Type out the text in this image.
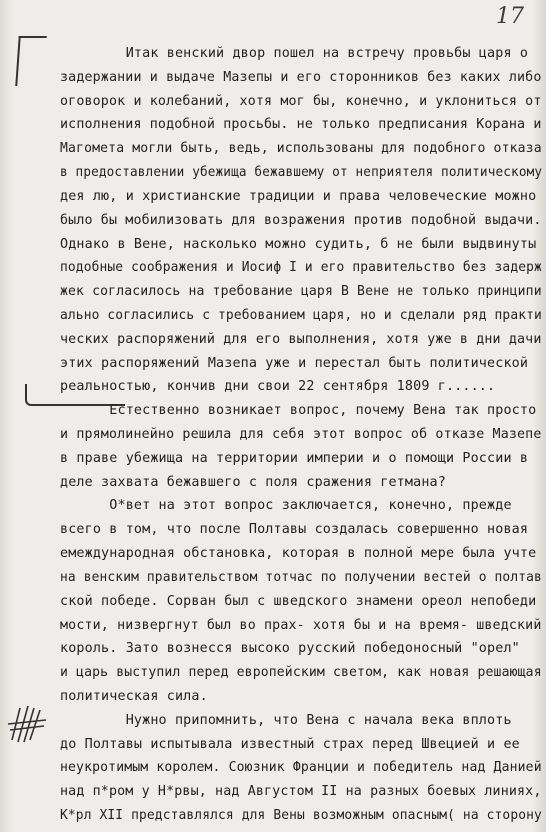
17
Итак венский двор пошел на встречу провьбы царя о
задержании и выдаче Мазепы и его сторонников без каких либо
оговорок и колебаний, хотя мог бы, конечно, и уклониться от
исполнения подобной просьбы. не только предписания Корана и
Магомета могли быть, ведь, использованы для подобного отказа
в предоставлении убежища бежавшему от неприятеля политическому
дея лю, и христианские традиции и права человеческие можно
было бы мобилизовать для возражения против подобной выдачи.
Однако в Вене, насколько можно судить, б не были выдвинуты
подобные соображения и Иосиф I и его правительство без задерж
жек согласилось на требование царя В Вене не только принципи
ально согласились с требованием царя, но и сделали ряд практи
ческих распоряжений для его выполнения, хотя уже в дни дачи
этих распоряжений Мазепа уже и перестал быть политической
реальностью, кончив дни свои 22 сентября 1809 г......
Естественно возникает вопрос, почему Вена так просто
и прямолинейно решила для себя этот вопрос об отказе Мазепе
в праве убежища на территории империи и о помощи России в
деле захвата бежавшего с поля сражения гетмана?
О*вет на этот вопрос заключается, конечно, прежде
всего в том, что после Полтавы создалась совершенно новая
емеждународная обстановка, которая в полной мере была учте
на венским правительством тотчас по получении вестей о полтав
ской победе. Сорван был с шведского знамени ореол непобеди
мости, низвергнут был во прах- хотя бы и на время- шведский
король. Зато вознесся высоко русский победоносный "орел"
и царь выступил перед европейским светом, как новая решающая
политическая сила.
Нужно припомнить, что Вена с начала века вплоть
до Полтавы испытывала известный страх перед Швецией и ее
неукротимым королем. Союзник Франции и победитель над Данией
над п*ром у Н*рвы, над Августом II на разных боевых линиях,
К*рл XII представлялся для Вены возможным опасным( на сторону
